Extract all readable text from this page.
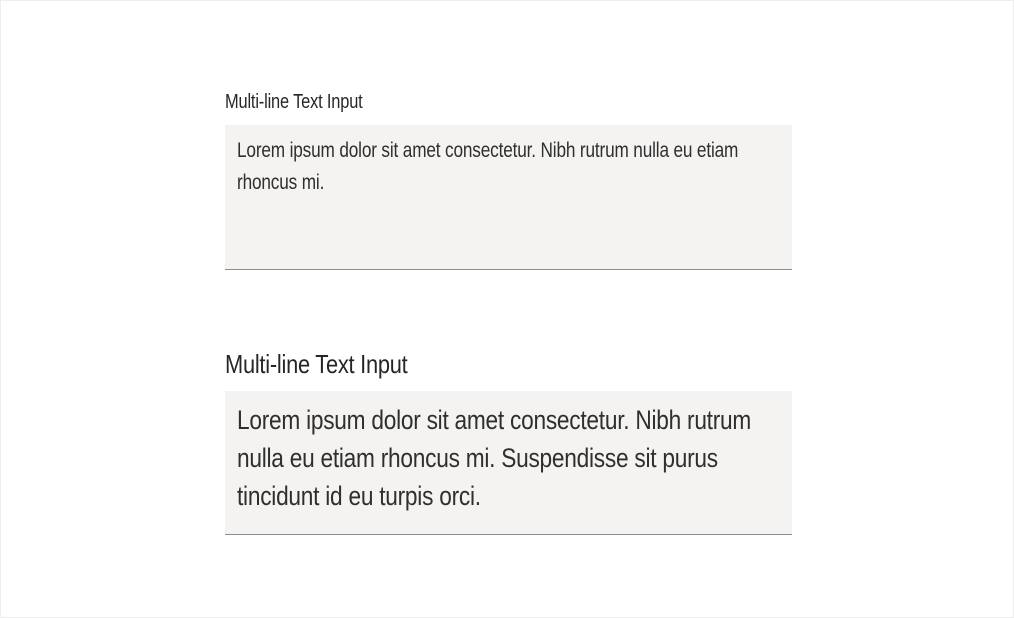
Multi-line Text Input
Lorem ipsum dolor sit amet consectetur. Nibh rutrum nulla eu etiam rhoncus mi.
Multi-line Text Input
Lorem ipsum dolor sit amet consectetur. Nibh rutrum nulla eu etiam rhoncus mi. Suspendisse sit purus tincidunt id eu turpis orci.
